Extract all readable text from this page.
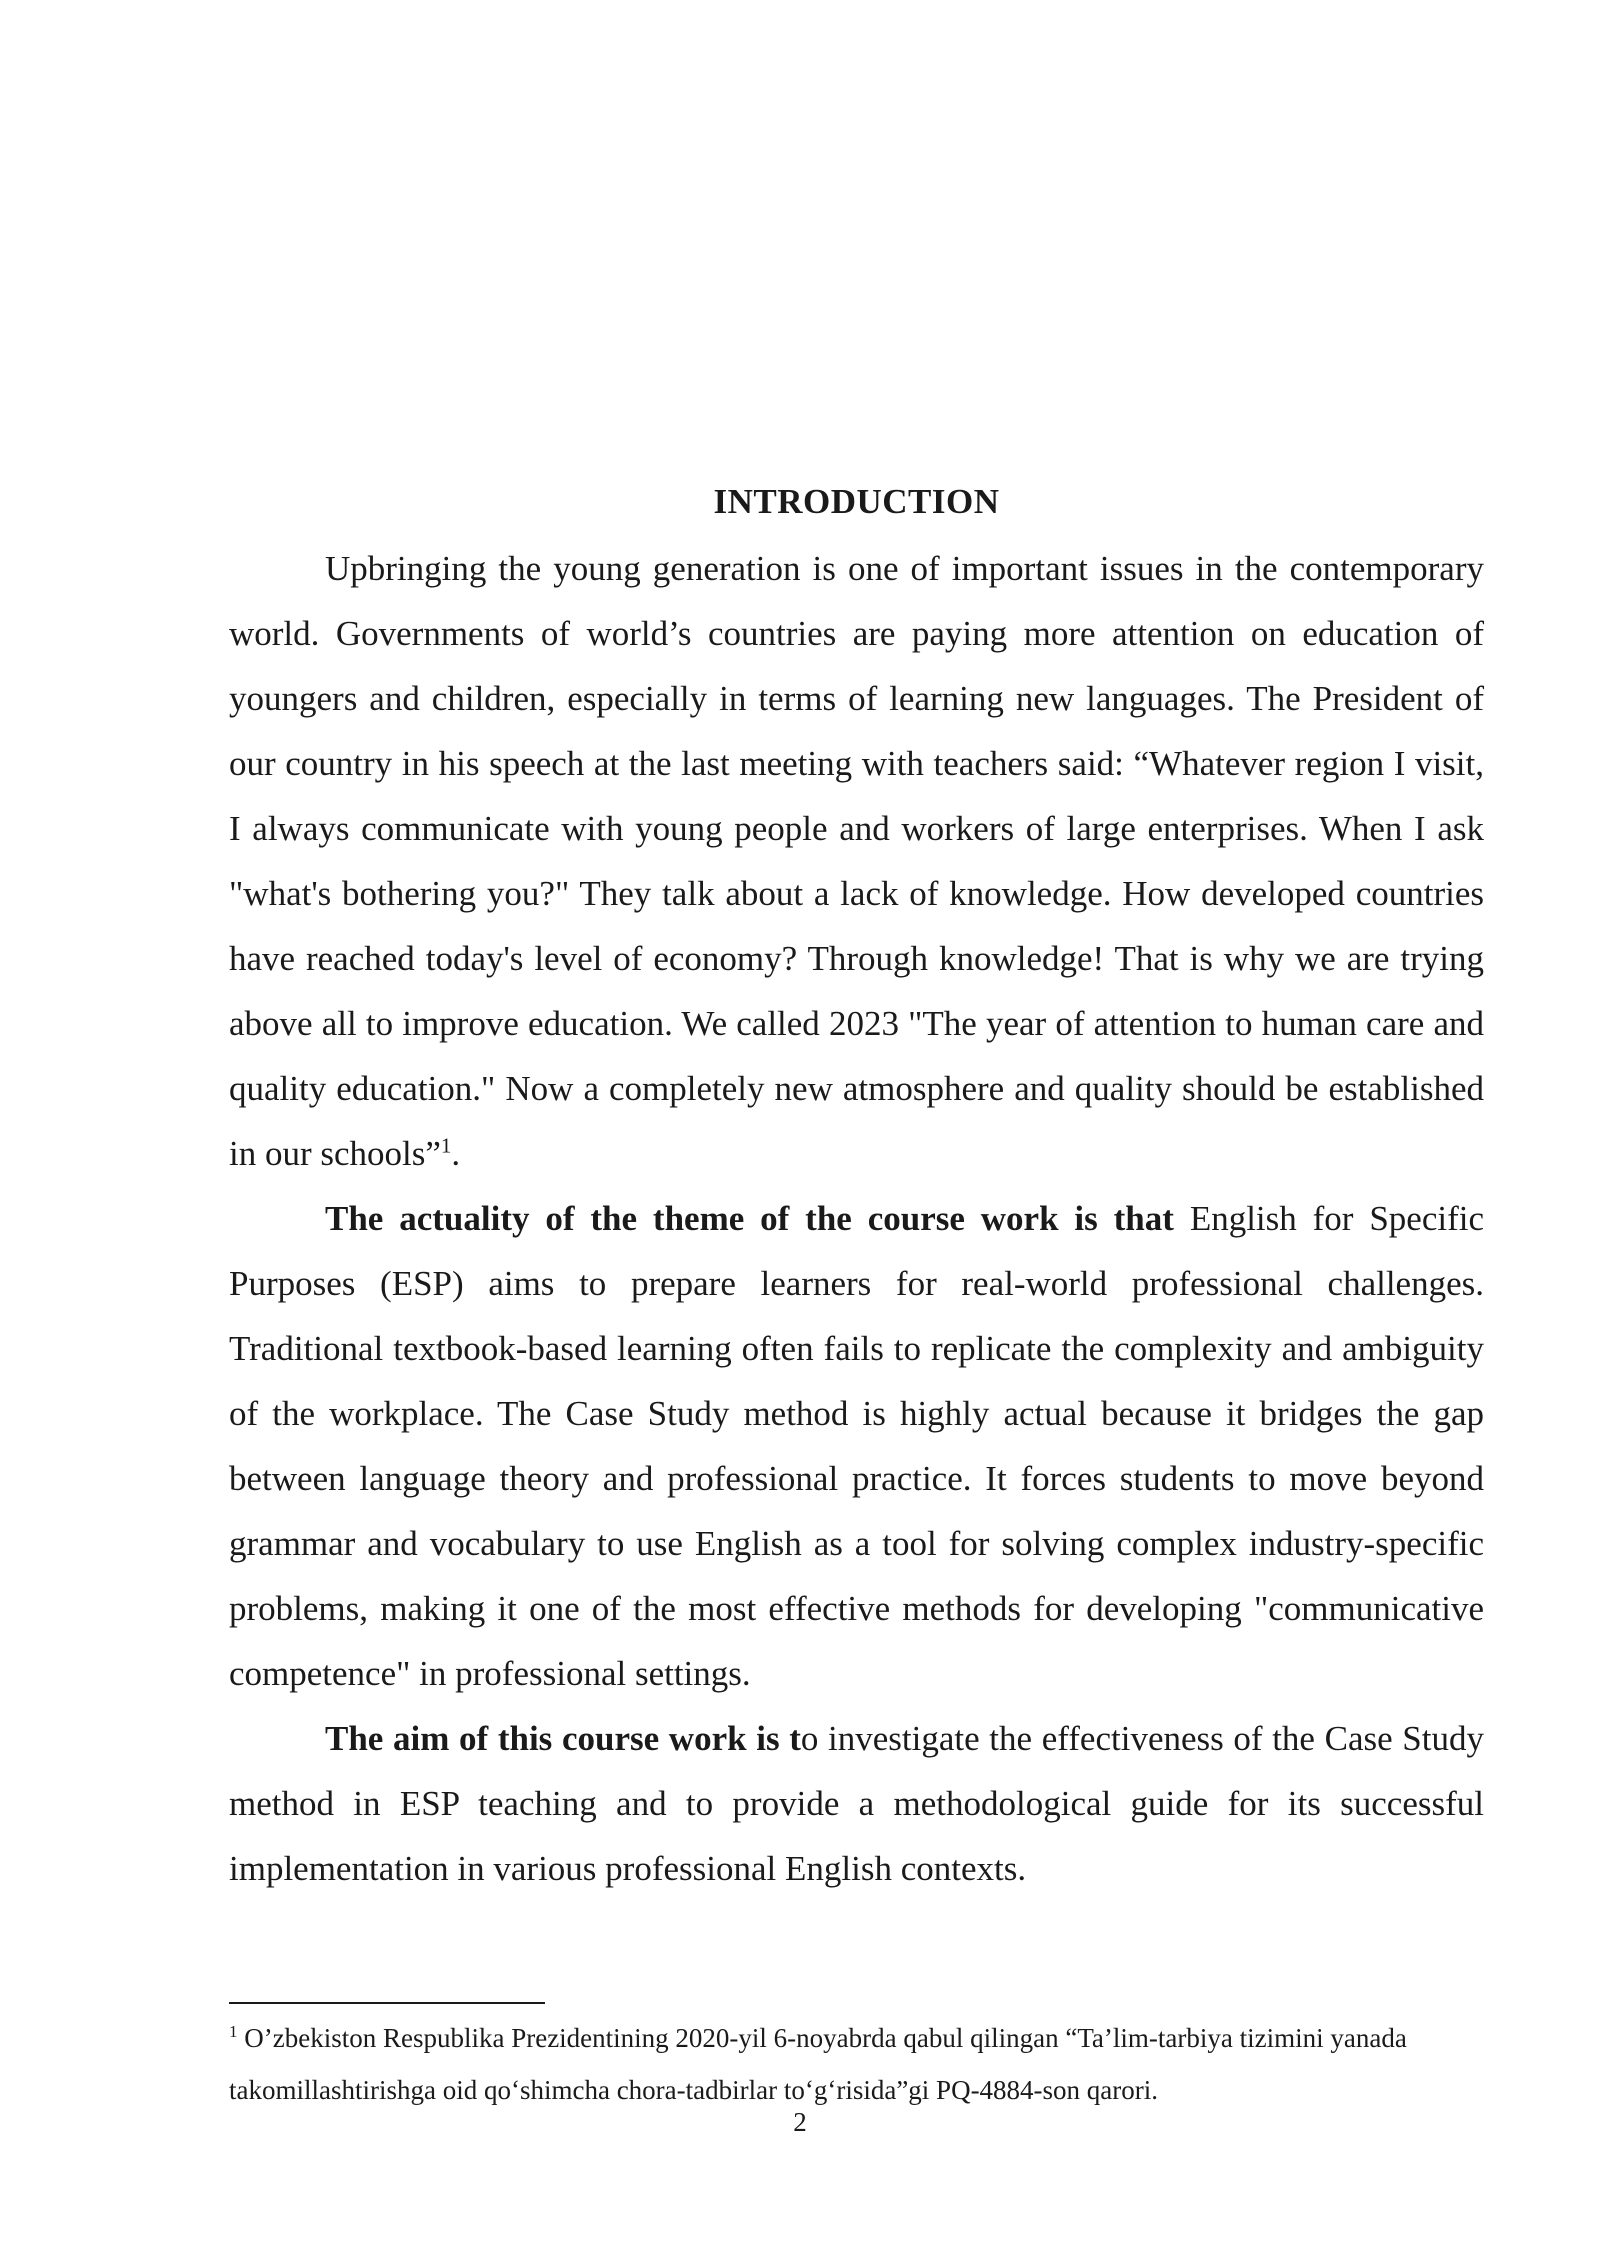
INTRODUCTION

Upbringing the young generation is one of important issues in the contemporary world. Governments of world’s countries are paying more attention on education of youngers and children, especially in terms of learning new languages. The President of our country in his speech at the last meeting with teachers said: “Whatever region I visit, I always communicate with young people and workers of large enterprises. When I ask "what's bothering you?" They talk about a lack of knowledge. How developed countries have reached today's level of economy? Through knowledge! That is why we are trying above all to improve education. We called 2023 "The year of attention to human care and quality education." Now a completely new atmosphere and quality should be established in our schools”$^1$.

The actuality of the theme of the course work is that English for Specific Purposes (ESP) aims to prepare learners for real-world professional challenges. Traditional textbook-based learning often fails to replicate the complexity and ambiguity of the workplace. The Case Study method is highly actual because it bridges the gap between language theory and professional practice. It forces students to move beyond grammar and vocabulary to use English as a tool for solving complex industry-specific problems, making it one of the most effective methods for developing "communicative competence" in professional settings.

The aim of this course work is to investigate the effectiveness of the Case Study method in ESP teaching and to provide a methodological guide for its successful implementation in various professional English contexts.

$^1$ O’zbekiston Respublika Prezidentining 2020-yil 6-noyabrda qabul qilingan “Ta’lim-tarbiya tizimini yanada takomillashtirishga oid qo‘shimcha chora-tadbirlar to‘g‘risida”gi PQ-4884-son qarori.

2
